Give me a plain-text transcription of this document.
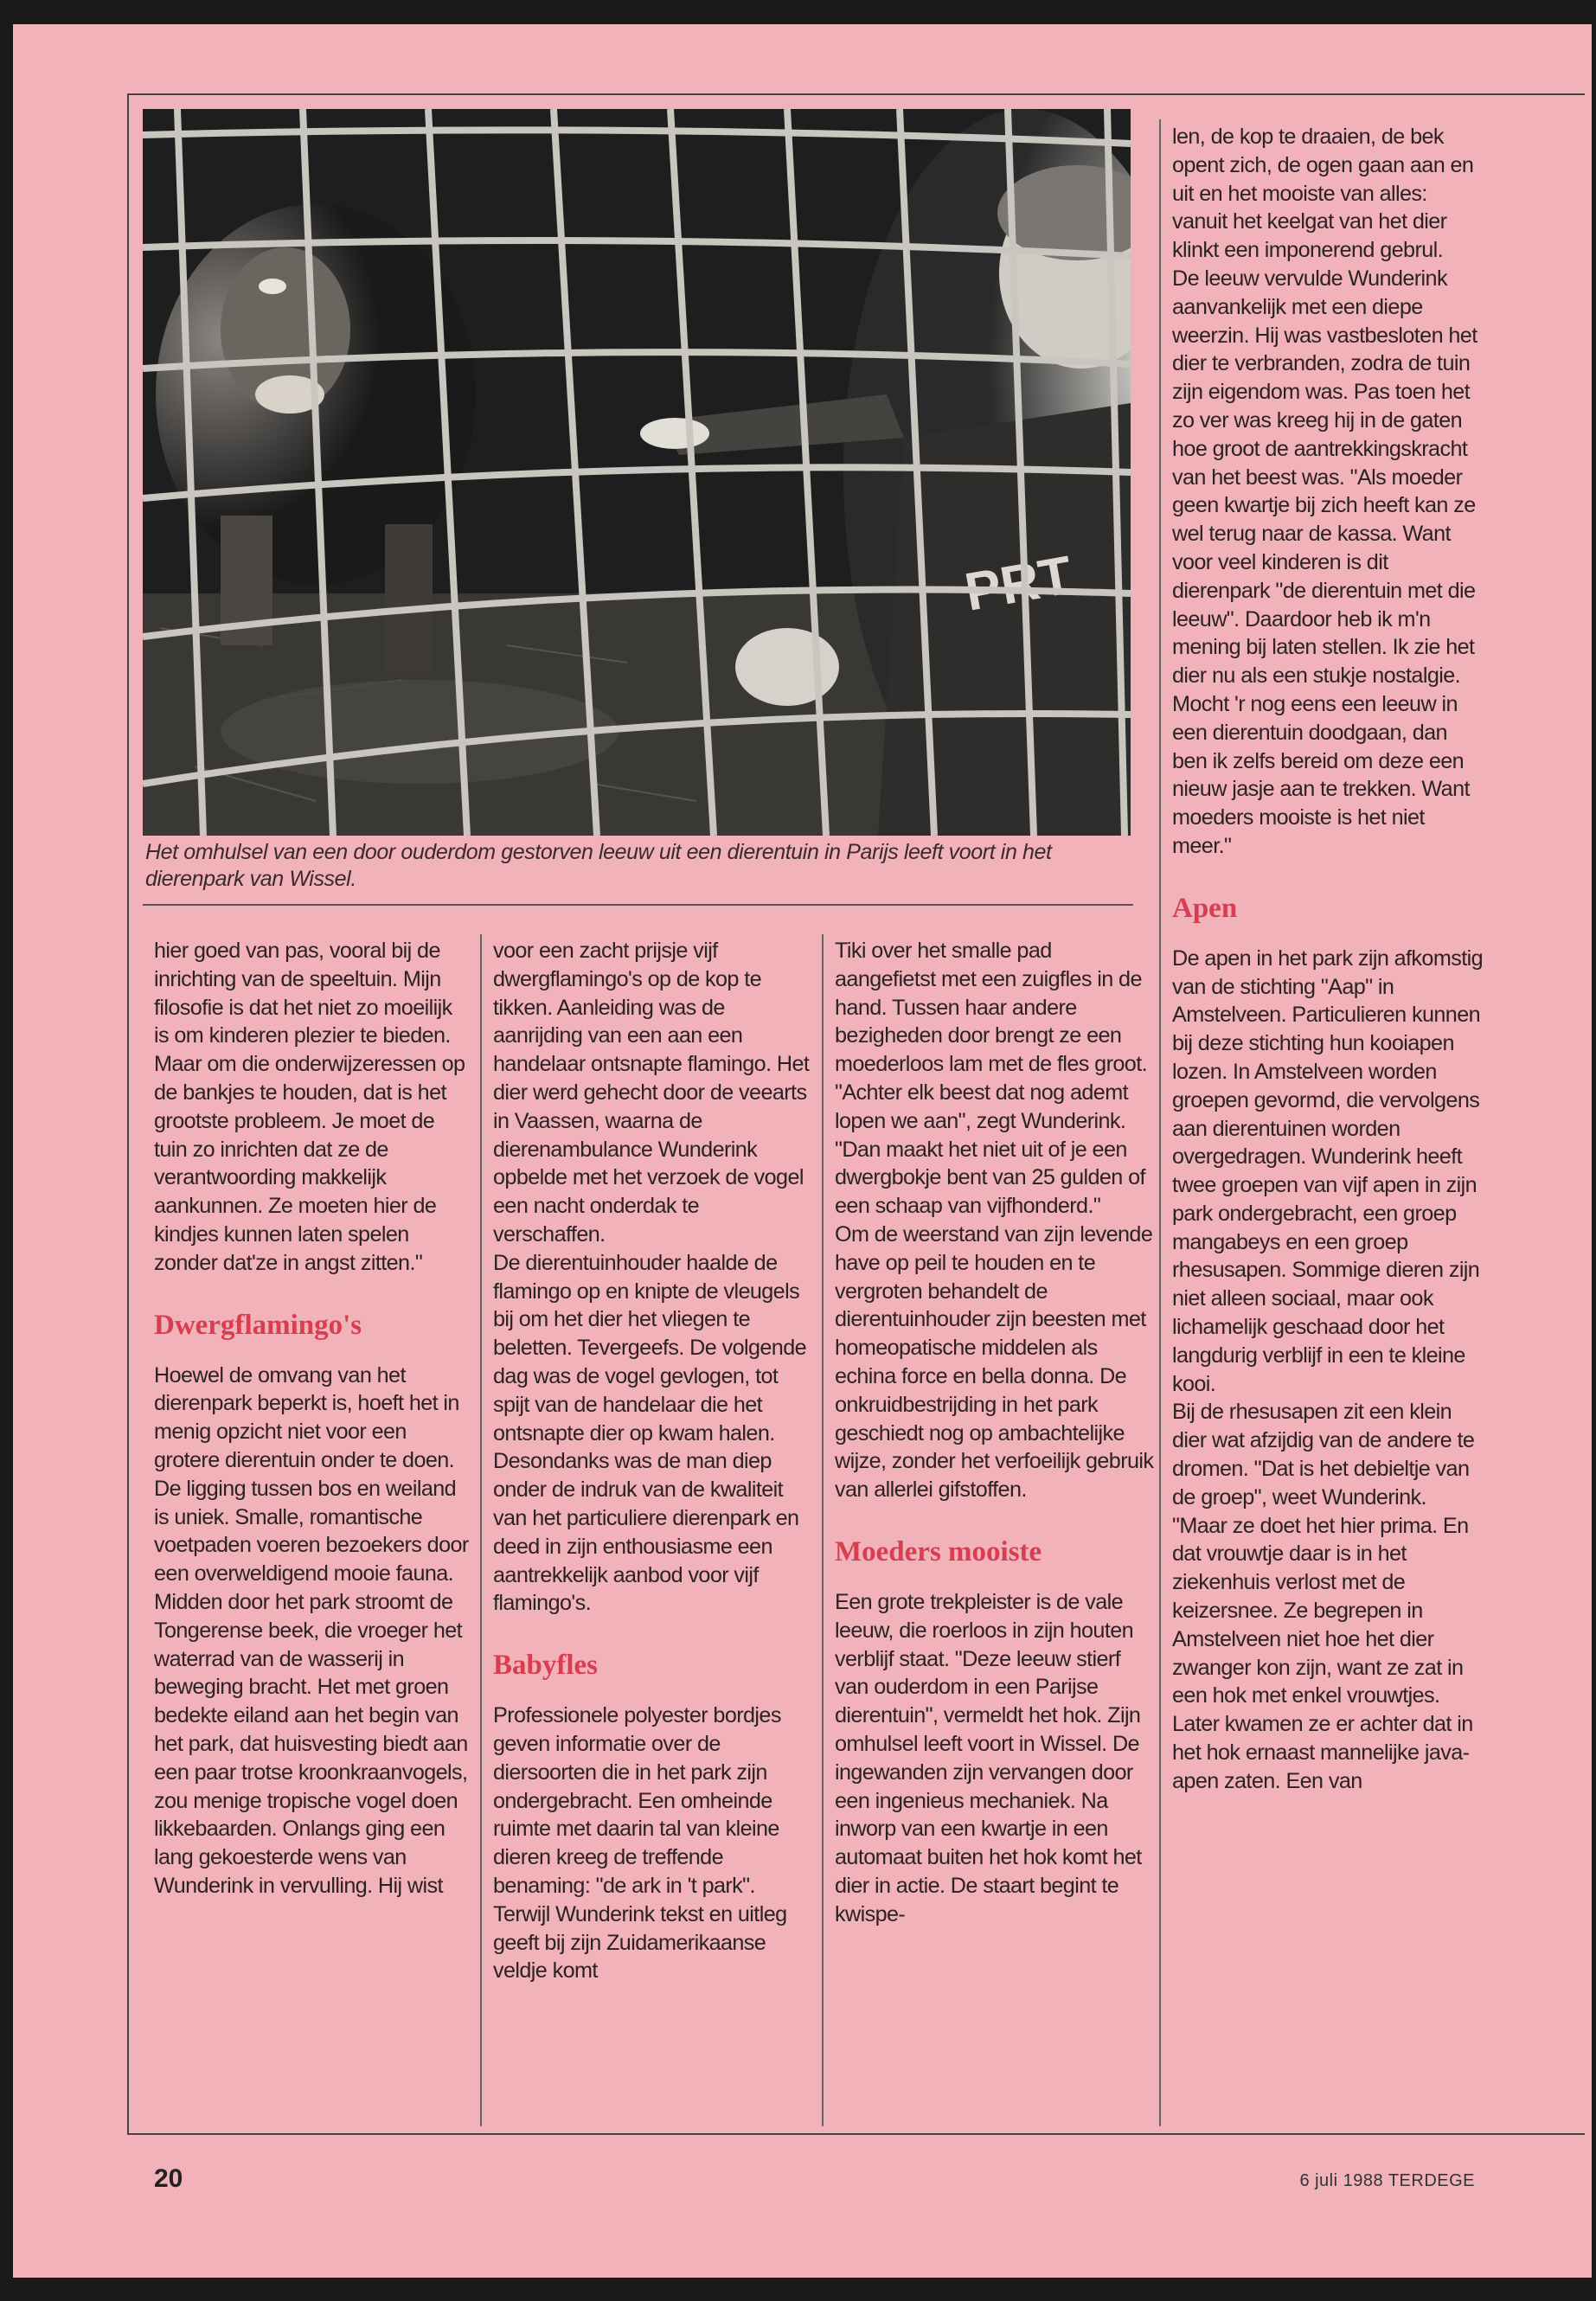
PRT
Het omhulsel van een door ouderdom gestorven leeuw uit een dierentuin in Parijs leeft voort in het dierenpark van Wissel.

hier goed van pas, vooral bij de inrichting van de speeltuin. Mijn filosofie is dat het niet zo moeilijk is om kinderen plezier te bieden. Maar om die onderwijzeressen op de bankjes te houden, dat is het grootste probleem. Je moet de tuin zo inrichten dat ze de verantwoording makkelijk aankunnen. Ze moeten hier de kindjes kunnen laten spelen zonder dat'ze in angst zitten."

Dwergflamingo's

Hoewel de omvang van het dierenpark beperkt is, hoeft het in menig opzicht niet voor een grotere dierentuin onder te doen. De ligging tussen bos en weiland is uniek. Smalle, romantische voetpaden voeren bezoekers door een overweldigend mooie fauna. Midden door het park stroomt de Tongerense beek, die vroeger het waterrad van de wasserij in beweging bracht. Het met groen bedekte eiland aan het begin van het park, dat huisvesting biedt aan een paar trotse kroonkraanvogels, zou menige tropische vogel doen likkebaarden. Onlangs ging een lang gekoesterde wens van Wunderink in vervulling. Hij wist

voor een zacht prijsje vijf dwergflamingo's op de kop te tikken. Aanleiding was de aanrijding van een aan een handelaar ontsnapte flamingo. Het dier werd gehecht door de veearts in Vaassen, waarna de dierenambulance Wunderink opbelde met het verzoek de vogel een nacht onderdak te verschaffen.

De dierentuinhouder haalde de flamingo op en knipte de vleugels bij om het dier het vliegen te beletten. Tevergeefs. De volgende dag was de vogel gevlogen, tot spijt van de handelaar die het ontsnapte dier op kwam halen. Desondanks was de man diep onder de indruk van de kwaliteit van het particuliere dierenpark en deed in zijn enthousiasme een aantrekkelijk aanbod voor vijf flamingo's.

Babyfles

Professionele polyester bordjes geven informatie over de diersoorten die in het park zijn ondergebracht. Een omheinde ruimte met daarin tal van kleine dieren kreeg de treffende benaming: "de ark in 't park".

Terwijl Wunderink tekst en uitleg geeft bij zijn Zuidamerikaanse veldje komt

Tiki over het smalle pad aangefietst met een zuigfles in de hand. Tussen haar andere bezigheden door brengt ze een moederloos lam met de fles groot.

"Achter elk beest dat nog ademt lopen we aan", zegt Wunderink. "Dan maakt het niet uit of je een dwergbokje bent van 25 gulden of een schaap van vijfhonderd."

Om de weerstand van zijn levende have op peil te houden en te vergroten behandelt de dierentuinhouder zijn beesten met homeopatische middelen als echina force en bella donna. De onkruidbestrijding in het park geschiedt nog op ambachtelijke wijze, zonder het verfoeilijk gebruik van allerlei gifstoffen.

Moeders mooiste

Een grote trekpleister is de vale leeuw, die roerloos in zijn houten verblijf staat. "Deze leeuw stierf van ouderdom in een Parijse dierentuin", vermeldt het hok. Zijn omhulsel leeft voort in Wissel. De ingewanden zijn vervangen door een ingenieus mechaniek. Na inworp van een kwartje in een automaat buiten het hok komt het dier in actie. De staart begint te kwispe-

len, de kop te draaien, de bek opent zich, de ogen gaan aan en uit en het mooiste van alles: vanuit het keelgat van het dier klinkt een imponerend gebrul.

De leeuw vervulde Wunderink aanvankelijk met een diepe weerzin. Hij was vastbesloten het dier te verbranden, zodra de tuin zijn eigendom was. Pas toen het zo ver was kreeg hij in de gaten hoe groot de aantrekkingskracht van het beest was. "Als moeder geen kwartje bij zich heeft kan ze wel terug naar de kassa. Want voor veel kinderen is dit dierenpark "de dierentuin met die leeuw". Daardoor heb ik m'n mening bij laten stellen. Ik zie het dier nu als een stukje nostalgie. Mocht 'r nog eens een leeuw in een dierentuin doodgaan, dan ben ik zelfs bereid om deze een nieuw jasje aan te trekken. Want moeders mooiste is het niet meer."

Apen

De apen in het park zijn afkomstig van de stichting "Aap" in Amstelveen. Particulieren kunnen bij deze stichting hun kooiapen lozen. In Amstelveen worden groepen gevormd, die vervolgens aan dierentuinen worden overgedragen. Wunderink heeft twee groepen van vijf apen in zijn park ondergebracht, een groep mangabeys en een groep rhesusapen. Sommige dieren zijn niet alleen sociaal, maar ook lichamelijk geschaad door het langdurig verblijf in een te kleine kooi.

Bij de rhesusapen zit een klein dier wat afzijdig van de andere te dromen. "Dat is het debieltje van de groep", weet Wunderink. "Maar ze doet het hier prima. En dat vrouwtje daar is in het ziekenhuis verlost met de keizersnee. Ze begrepen in Amstelveen niet hoe het dier zwanger kon zijn, want ze zat in een hok met enkel vrouwtjes. Later kwamen ze er achter dat in het hok ernaast mannelijke java-apen zaten. Een van

20	6 juli 1988 TERDEGE
